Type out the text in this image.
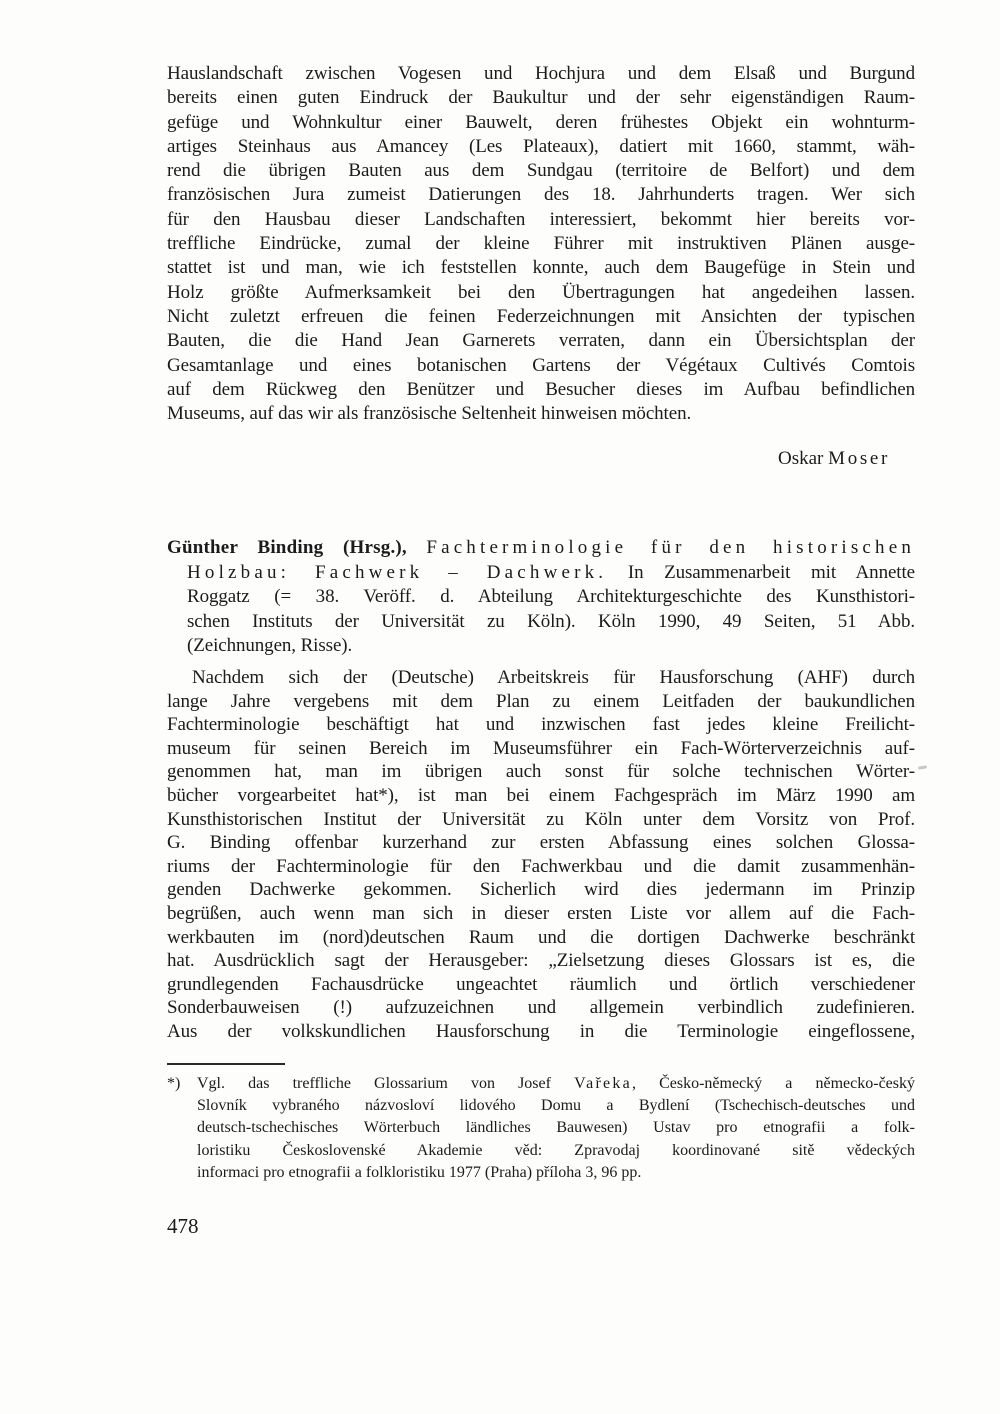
Hauslandschaft zwischen Vogesen und Hochjura und dem Elsaß und Burgund
bereits einen guten Eindruck der Baukultur und der sehr eigenständigen Raum-
gefüge und Wohnkultur einer Bauwelt, deren frühestes Objekt ein wohnturm-
artiges Steinhaus aus Amancey (Les Plateaux), datiert mit 1660, stammt, wäh-
rend die übrigen Bauten aus dem Sundgau (territoire de Belfort) und dem
französischen Jura zumeist Datierungen des 18. Jahrhunderts tragen. Wer sich
für den Hausbau dieser Landschaften interessiert, bekommt hier bereits vor-
treffliche Eindrücke, zumal der kleine Führer mit instruktiven Plänen ausge-
stattet ist und man, wie ich feststellen konnte, auch dem Baugefüge in Stein und
Holz größte Aufmerksamkeit bei den Übertragungen hat angedeihen lassen.
Nicht zuletzt erfreuen die feinen Federzeichnungen mit Ansichten der typischen
Bauten, die die Hand Jean Garnerets verraten, dann ein Übersichtsplan der
Gesamtanlage und eines botanischen Gartens der Végétaux Cultivés Comtois
auf dem Rückweg den Benützer und Besucher dieses im Aufbau befindlichen
Museums, auf das wir als französische Seltenheit hinweisen möchten.
Oskar Moser
Günther Binding (Hrsg.), Fachterminologie für den historischen
Holzbau: Fachwerk – Dachwerk. In Zusammenarbeit mit Annette
Roggatz (= 38. Veröff. d. Abteilung Architekturgeschichte des Kunsthistori-
schen Instituts der Universität zu Köln). Köln 1990, 49 Seiten, 51 Abb.
(Zeichnungen, Risse).
Nachdem sich der (Deutsche) Arbeitskreis für Hausforschung (AHF) durch
lange Jahre vergebens mit dem Plan zu einem Leitfaden der baukundlichen
Fachterminologie beschäftigt hat und inzwischen fast jedes kleine Freilicht-
museum für seinen Bereich im Museumsführer ein Fach-Wörterverzeichnis auf-
genommen hat, man im übrigen auch sonst für solche technischen Wörter-
bücher vorgearbeitet hat*), ist man bei einem Fachgespräch im März 1990 am
Kunsthistorischen Institut der Universität zu Köln unter dem Vorsitz von Prof.
G. Binding offenbar kurzerhand zur ersten Abfassung eines solchen Glossa-
riums der Fachterminologie für den Fachwerkbau und die damit zusammenhän-
genden Dachwerke gekommen. Sicherlich wird dies jedermann im Prinzip
begrüßen, auch wenn man sich in dieser ersten Liste vor allem auf die Fach-
werkbauten im (nord)deutschen Raum und die dortigen Dachwerke beschränkt
hat. Ausdrücklich sagt der Herausgeber: „Zielsetzung dieses Glossars ist es, die
grundlegenden Fachausdrücke ungeachtet räumlich und örtlich verschiedener
Sonderbauweisen (!) aufzuzeichnen und allgemein verbindlich zudefinieren.
Aus der volkskundlichen Hausforschung in die Terminologie eingeflossene,
*) Vgl. das treffliche Glossarium von Josef Vařeka, Česko-německý a německo-český
Slovník vybraného názvosloví lidového Domu a Bydlení (Tschechisch-deutsches und
deutsch-tschechisches Wörterbuch ländliches Bauwesen) Ustav pro etnografii a folk-
loristiku Československé Akademie věd: Zpravodaj koordinované sitě vědeckých
informaci pro etnografii a folkloristiku 1977 (Praha) příloha 3, 96 pp.
478
